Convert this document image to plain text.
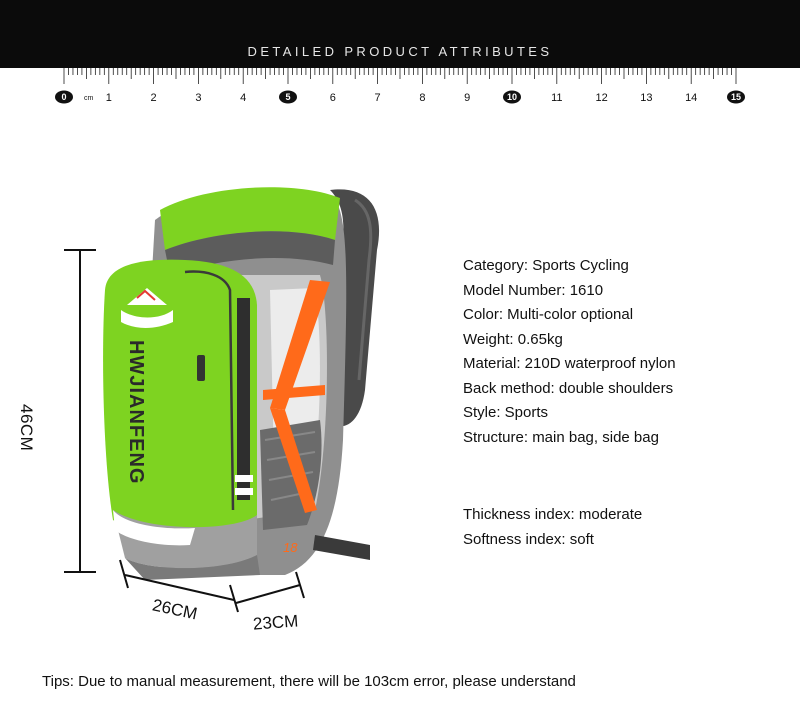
DETAILED PRODUCT ATTRIBUTES
0	1	2	3	4	5	6	7	8	9	10	11	12	13	14	15
cm
HWJIANFENG
18
46CM
26CM	23CM
Category: Sports Cycling
Model Number: 1610
Color: Multi-color optional
Weight: 0.65kg
Material: 210D waterproof nylon
Back method: double shoulders
Style: Sports
Structure: main bag, side bag
Thickness index: moderate
Softness index: soft
Tips: Due to manual measurement, there will be 103cm error, please understand
